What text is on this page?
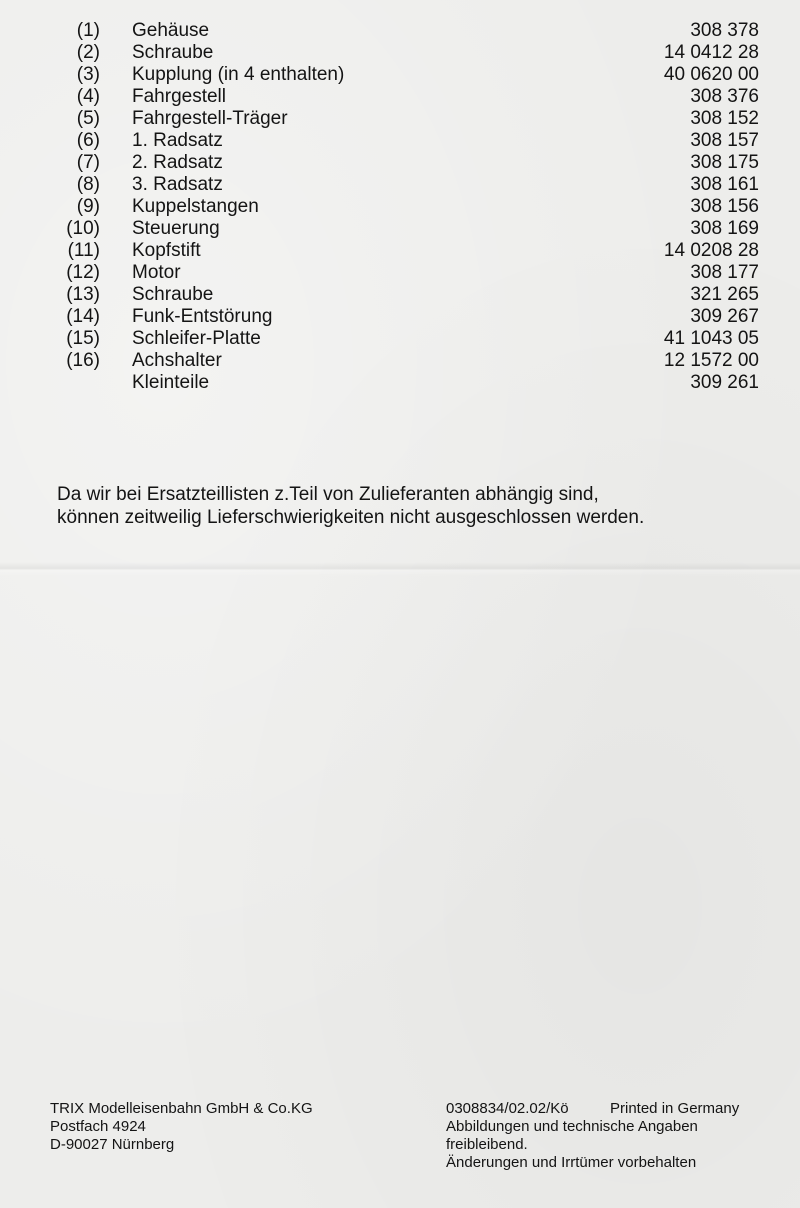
(1) Gehäuse	308 378
(2) Schraube	14 0412 28
(3) Kupplung (in 4 enthalten)	40 0620 00
(4) Fahrgestell	308 376
(5) Fahrgestell-Träger	308 152
(6) 1. Radsatz	308 157
(7) 2. Radsatz	308 175
(8) 3. Radsatz	308 161
(9) Kuppelstangen	308 156
(10) Steuerung	308 169
(11) Kopfstift	14 0208 28
(12) Motor	308 177
(13) Schraube	321 265
(14) Funk-Entstörung	309 267
(15) Schleifer-Platte	41 1043 05
(16) Achshalter	12 1572 00
Kleinteile	309 261

Da wir bei Ersatzteillisten z.Teil von Zulieferanten abhängig sind,
können zeitweilig Lieferschwierigkeiten nicht ausgeschlossen werden.

TRIX Modelleisenbahn GmbH & Co.KG
Postfach 4924
D-90027 Nürnberg
0308834/02.02/Kö	Printed in Germany
Abbildungen und technische Angaben
freibleibend.
Änderungen und Irrtümer vorbehalten
